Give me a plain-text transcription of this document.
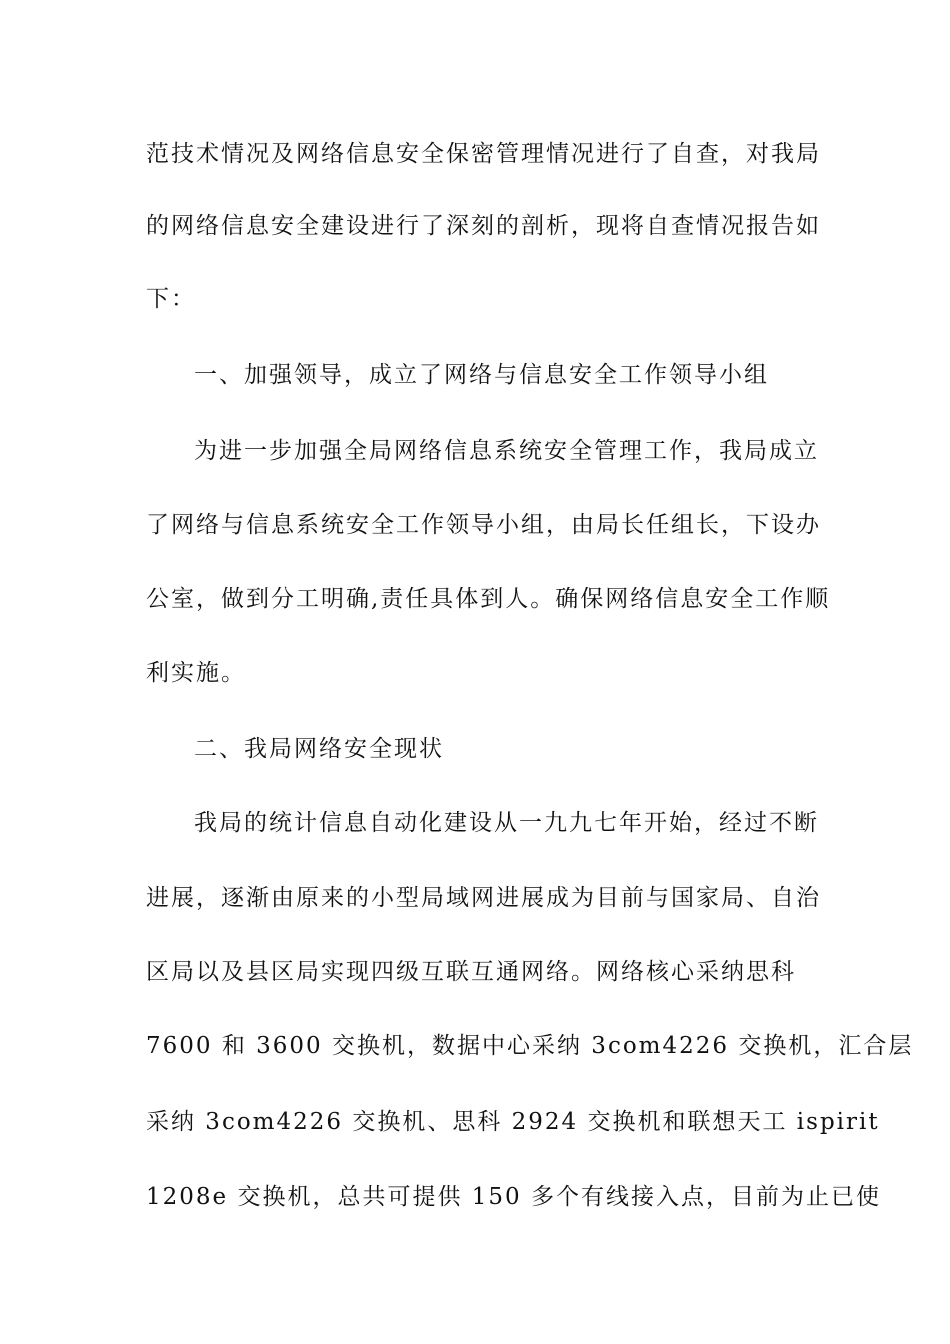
范技术情况及网络信息安全保密管理情况进行了自查，对我局
的网络信息安全建设进行了深刻的剖析，现将自查情况报告如
下：
一、加强领导，成立了网络与信息安全工作领导小组
为进一步加强全局网络信息系统安全管理工作，我局成立
了网络与信息系统安全工作领导小组，由局长任组长，下设办
公室，做到分工明确,责任具体到人。确保网络信息安全工作顺
利实施。
二、我局网络安全现状
我局的统计信息自动化建设从一九九七年开始，经过不断
进展，逐渐由原来的小型局域网进展成为目前与国家局、自治
区局以及县区局实现四级互联互通网络。网络核心采纳思科
7600 和 3600 交换机，数据中心采纳 3com4226 交换机，汇合层
采纳 3com4226 交换机、思科 2924 交换机和联想天工 ispirit
1208e 交换机，总共可提供 150 多个有线接入点，目前为止已使
